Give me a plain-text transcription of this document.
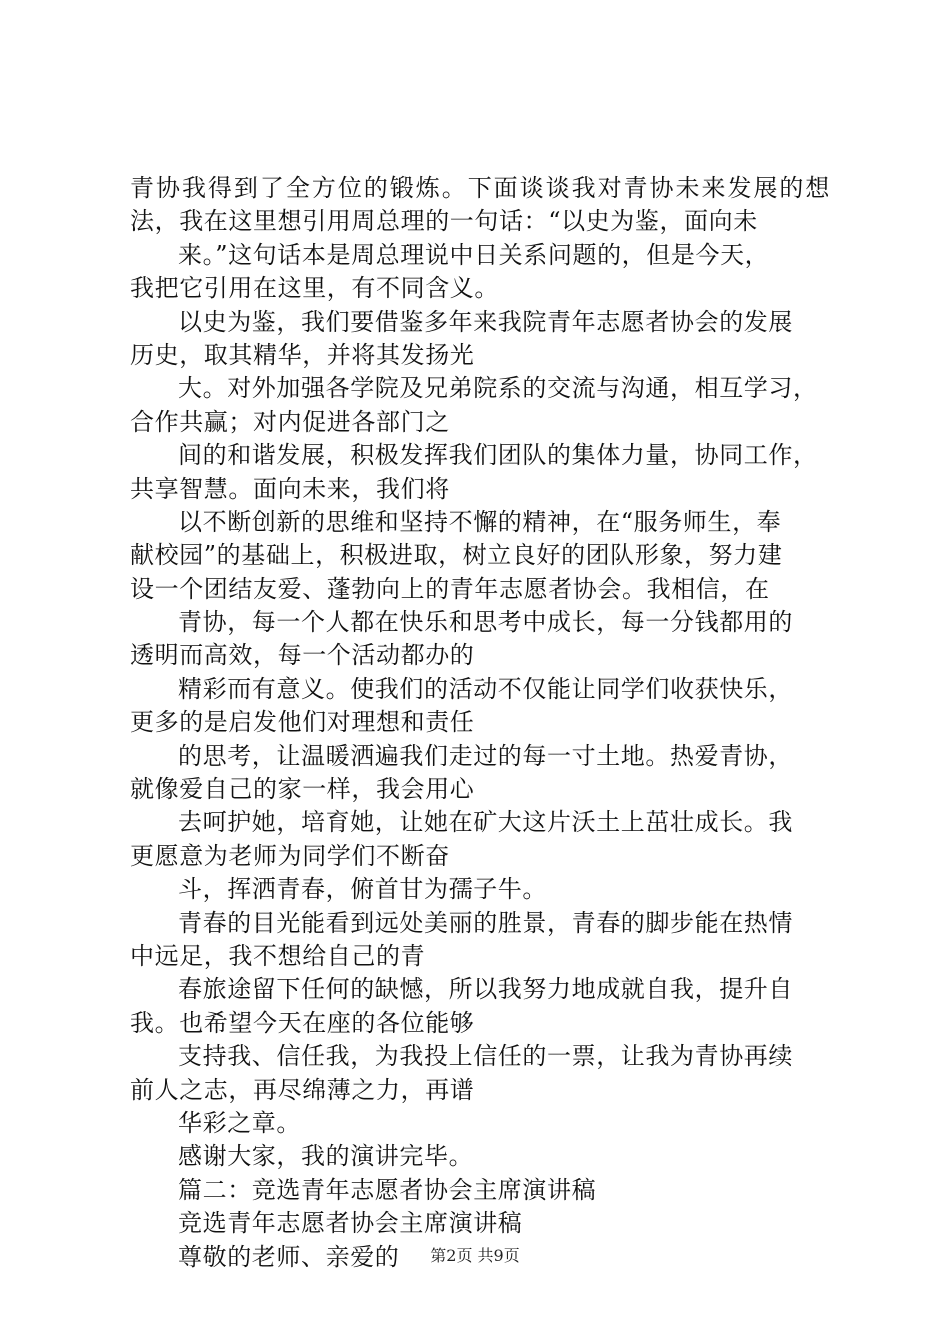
青协我得到了全方位的锻炼。下面谈谈我对青协未来发展的想
法，我在这里想引用周总理的一句话：“以史为鉴，面向未
来。”这句话本是周总理说中日关系问题的，但是今天，
我把它引用在这里，有不同含义。
以史为鉴，我们要借鉴多年来我院青年志愿者协会的发展
历史，取其精华，并将其发扬光
大。对外加强各学院及兄弟院系的交流与沟通，相互学习，
合作共赢；对内促进各部门之
间的和谐发展，积极发挥我们团队的集体力量，协同工作，
共享智慧。面向未来，我们将
以不断创新的思维和坚持不懈的精神，在“服务师生，奉
献校园”的基础上，积极进取，树立良好的团队形象，努力建
设一个团结友爱、蓬勃向上的青年志愿者协会。我相信，在
青协，每一个人都在快乐和思考中成长，每一分钱都用的
透明而高效，每一个活动都办的
精彩而有意义。使我们的活动不仅能让同学们收获快乐，
更多的是启发他们对理想和责任
的思考，让温暖洒遍我们走过的每一寸土地。热爱青协，
就像爱自己的家一样，我会用心
去呵护她，培育她，让她在矿大这片沃土上茁壮成长。我
更愿意为老师为同学们不断奋
斗，挥洒青春，俯首甘为孺子牛。
青春的目光能看到远处美丽的胜景，青春的脚步能在热情
中远足，我不想给自己的青
春旅途留下任何的缺憾，所以我努力地成就自我，提升自
我。也希望今天在座的各位能够
支持我、信任我，为我投上信任的一票，让我为青协再续
前人之志，再尽绵薄之力，再谱
华彩之章。
感谢大家，我的演讲完毕。
篇二：竞选青年志愿者协会主席演讲稿
竞选青年志愿者协会主席演讲稿
尊敬的老师、亲爱的	第2页 共9页
